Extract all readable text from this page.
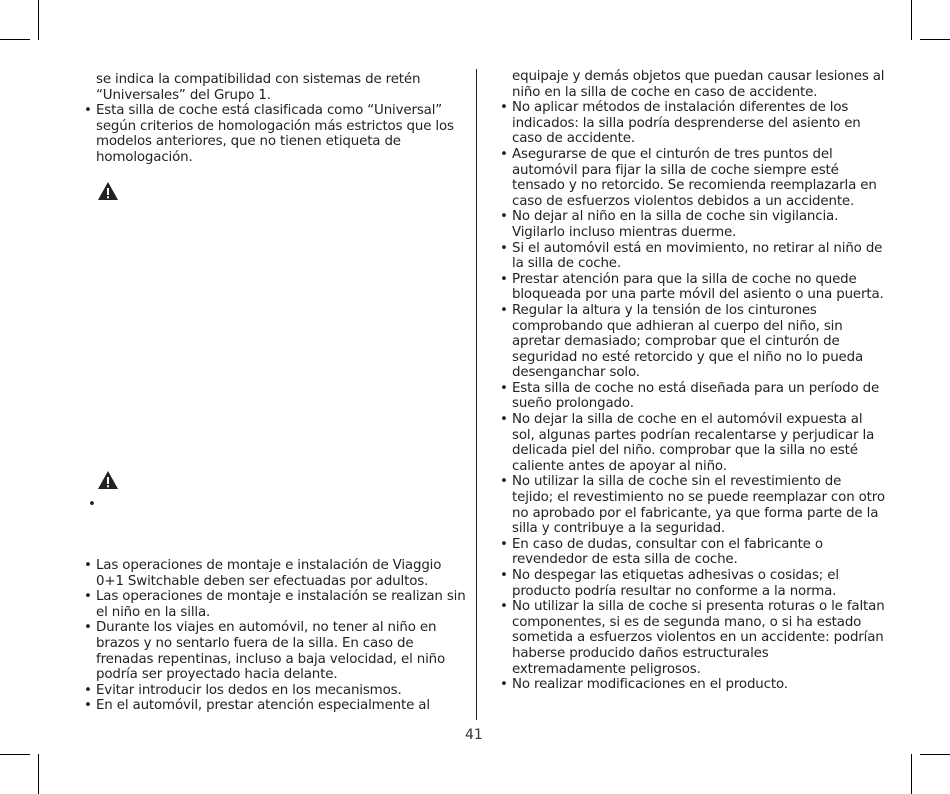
se indica la compatibilidad con sistemas de retén “Universales” del Grupo 1.
• Esta silla de coche está clasificada como “Universal” según criterios de homologación más estrictos que los modelos anteriores, que no tienen etiqueta de homologación.
•
• Las operaciones de montaje e instalación de Viaggio 0+1 Switchable deben ser efectuadas por adultos.
• Las operaciones de montaje e instalación se realizan sin el niño en la silla.
• Durante los viajes en automóvil, no tener al niño en brazos y no sentarlo fuera de la silla. En caso de frenadas repentinas, incluso a baja velocidad, el niño podría ser proyectado hacia delante.
• Evitar introducir los dedos en los mecanismos.
• En el automóvil, prestar atención especialmente al
equipaje y demás objetos que puedan causar lesiones al niño en la silla de coche en caso de accidente.
• No aplicar métodos de instalación diferentes de los indicados: la silla podría desprenderse del asiento en caso de accidente.
• Asegurarse de que el cinturón de tres puntos del automóvil para fijar la silla de coche siempre esté tensado y no retorcido. Se recomienda reemplazarla en caso de esfuerzos violentos debidos a un accidente.
• No dejar al niño en la silla de coche sin vigilancia. Vigilarlo incluso mientras duerme.
• Si el automóvil está en movimiento, no retirar al niño de la silla de coche.
• Prestar atención para que la silla de coche no quede bloqueada por una parte móvil del asiento o una puerta.
• Regular la altura y la tensión de los cinturones comprobando que adhieran al cuerpo del niño, sin apretar demasiado; comprobar que el cinturón de seguridad no esté retorcido y que el niño no lo pueda desenganchar solo.
• Esta silla de coche no está diseñada para un período de sueño prolongado.
• No dejar la silla de coche en el automóvil expuesta al sol, algunas partes podrían recalentarse y perjudicar la delicada piel del niño. comprobar que la silla no esté caliente antes de apoyar al niño.
• No utilizar la silla de coche sin el revestimiento de tejido; el revestimiento no se puede reemplazar con otro no aprobado por el fabricante, ya que forma parte de la silla y contribuye a la seguridad.
• En caso de dudas, consultar con el fabricante o revendedor de esta silla de coche.
• No despegar las etiquetas adhesivas o cosidas; el producto podría resultar no conforme a la norma.
• No utilizar la silla de coche si presenta roturas o le faltan componentes, si es de segunda mano, o si ha estado sometida a esfuerzos violentos en un accidente: podrían haberse producido daños estructurales extremadamente peligrosos.
• No realizar modificaciones en el producto.
41
